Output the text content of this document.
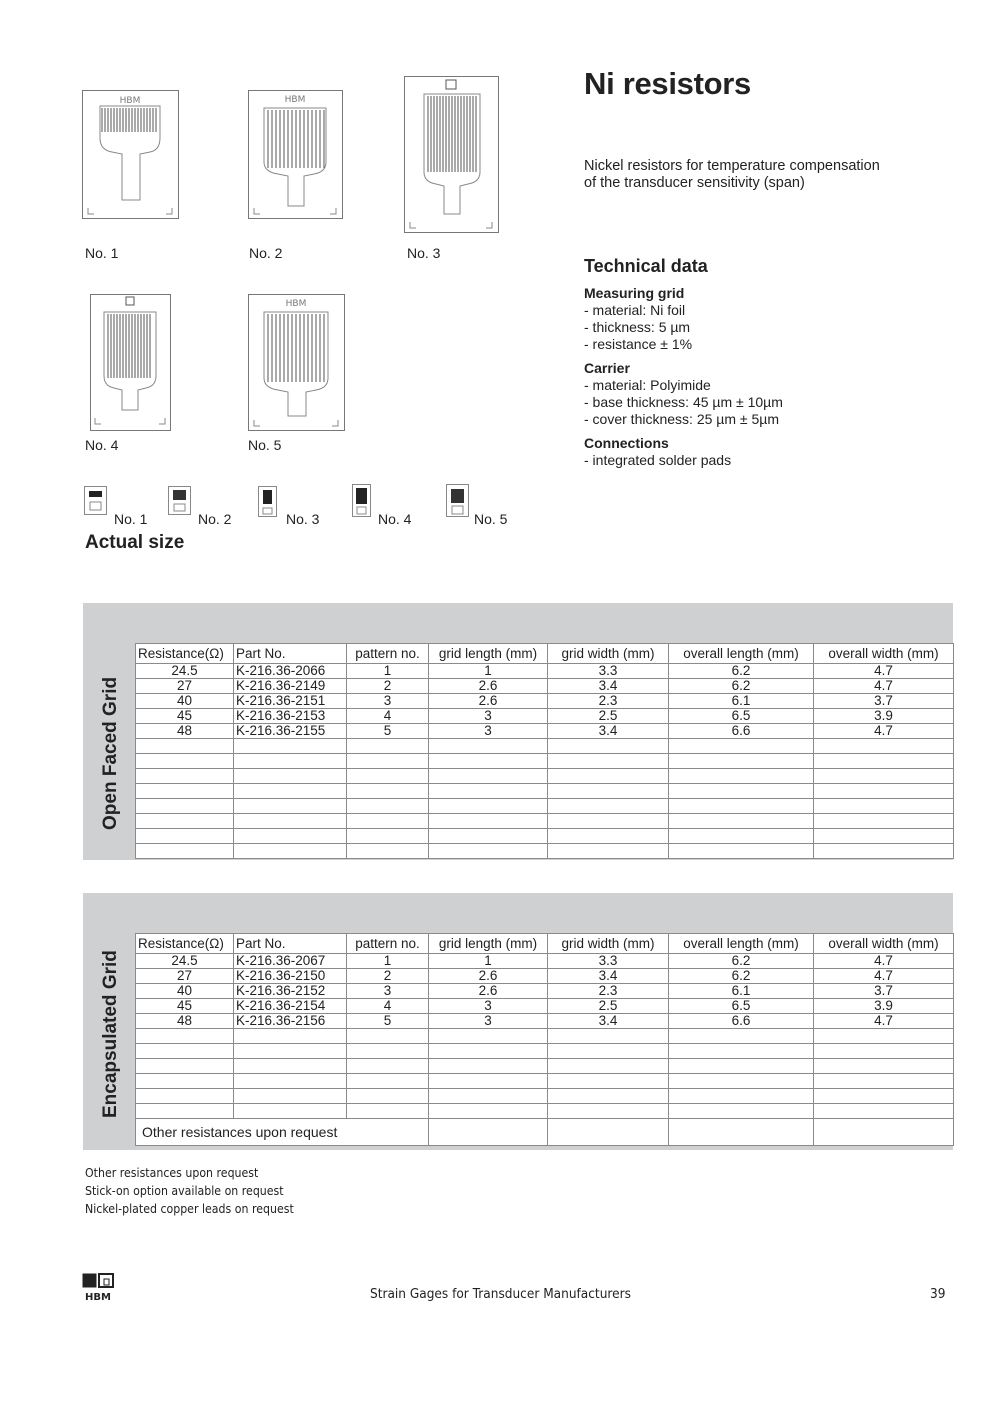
Ni resistors
Nickel resistors for temperature compensation
of the transducer sensitivity (span)
Technical data
Measuring grid
- material: Ni foil
- thickness: 5 µm
- resistance ± 1%
Carrier
- material: Polyimide
- base thickness: 45 µm ± 10µm
- cover thickness: 25 µm ± 5µm
Connections
- integrated solder pads
HBM	HBM
No. 1	No. 2	No. 3
HBM
No. 4	No. 5
No. 1	No. 2	No. 3	No. 4	No. 5
Actual size
Open Faced Grid
Resistance(Ω)	Part No.	pattern no.	grid length (mm)	grid width (mm)	overall length (mm)	overall width (mm)
24.5	K-216.36-2066	1	1	3.3	6.2	4.7
27	K-216.36-2149	2	2.6	3.4	6.2	4.7
40	K-216.36-2151	3	2.6	2.3	6.1	3.7
45	K-216.36-2153	4	3	2.5	6.5	3.9
48	K-216.36-2155	5	3	3.4	6.6	4.7

Encapsulated Grid
Resistance(Ω)	Part No.	pattern no.	grid length (mm)	grid width (mm)	overall length (mm)	overall width (mm)
24.5	K-216.36-2067	1	1	3.3	6.2	4.7
27	K-216.36-2150	2	2.6	3.4	6.2	4.7
40	K-216.36-2152	3	2.6	2.3	6.1	3.7
45	K-216.36-2154	4	3	2.5	6.5	3.9
48	K-216.36-2156	5	3	3.4	6.6	4.7

Other resistances upon request						
Other resistances upon request
Stick-on option available on request
Nickel-plated copper leads on request
HBM	Strain Gages for Transducer Manufacturers	39
